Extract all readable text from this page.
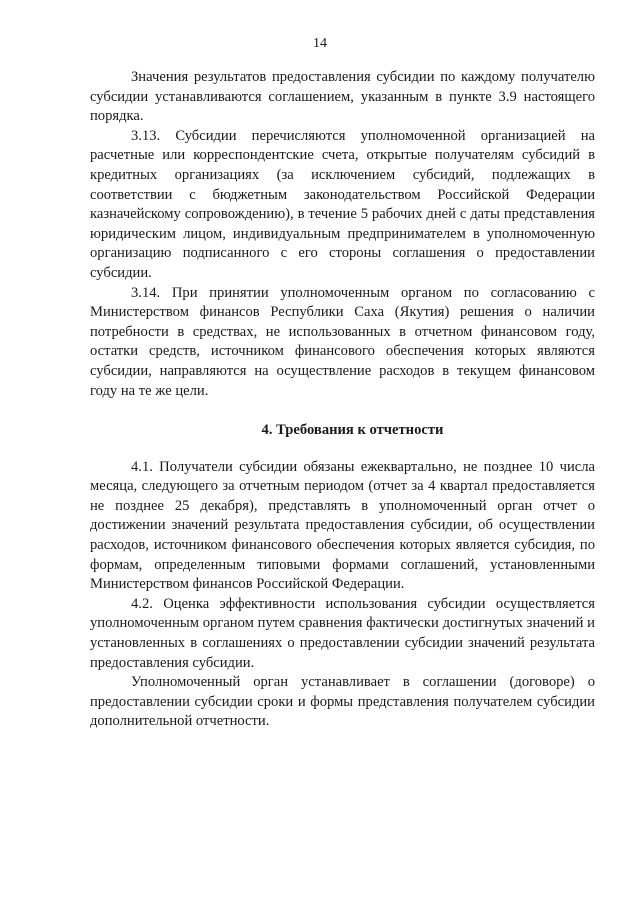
14

Значения результатов предоставления субсидии по каждому получателю субсидии устанавливаются соглашением, указанным в пункте 3.9 настоящего порядка.

3.13. Субсидии перечисляются уполномоченной организацией на расчетные или корреспондентские счета, открытые получателям субсидий в кредитных организациях (за исключением субсидий, подлежащих в соответствии с бюджетным законодательством Российской Федерации казначейскому сопровождению), в течение 5 рабочих дней с даты представления юридическим лицом, индивидуальным предпринимателем в уполномоченную организацию подписанного с его стороны соглашения о предоставлении субсидии.

3.14. При принятии уполномоченным органом по согласованию с Министерством финансов Республики Саха (Якутия) решения о наличии потребности в средствах, не использованных в отчетном финансовом году, остатки средств, источником финансового обеспечения которых являются субсидии, направляются на осуществление расходов в текущем финансовом году на те же цели.

4. Требования к отчетности

4.1. Получатели субсидии обязаны ежеквартально, не позднее 10 числа месяца, следующего за отчетным периодом (отчет за 4 квартал предоставляется не позднее 25 декабря), представлять в уполномоченный орган отчет о достижении значений результата предоставления субсидии, об осуществлении расходов, источником финансового обеспечения которых является субсидия, по формам, определенным типовыми формами соглашений, установленными Министерством финансов Российской Федерации.

4.2. Оценка эффективности использования субсидии осуществляется уполномоченным органом путем сравнения фактически достигнутых значений и установленных в соглашениях о предоставлении субсидии значений результата предоставления субсидии.

Уполномоченный орган устанавливает в соглашении (договоре) о предоставлении субсидии сроки и формы представления получателем субсидии дополнительной отчетности.
